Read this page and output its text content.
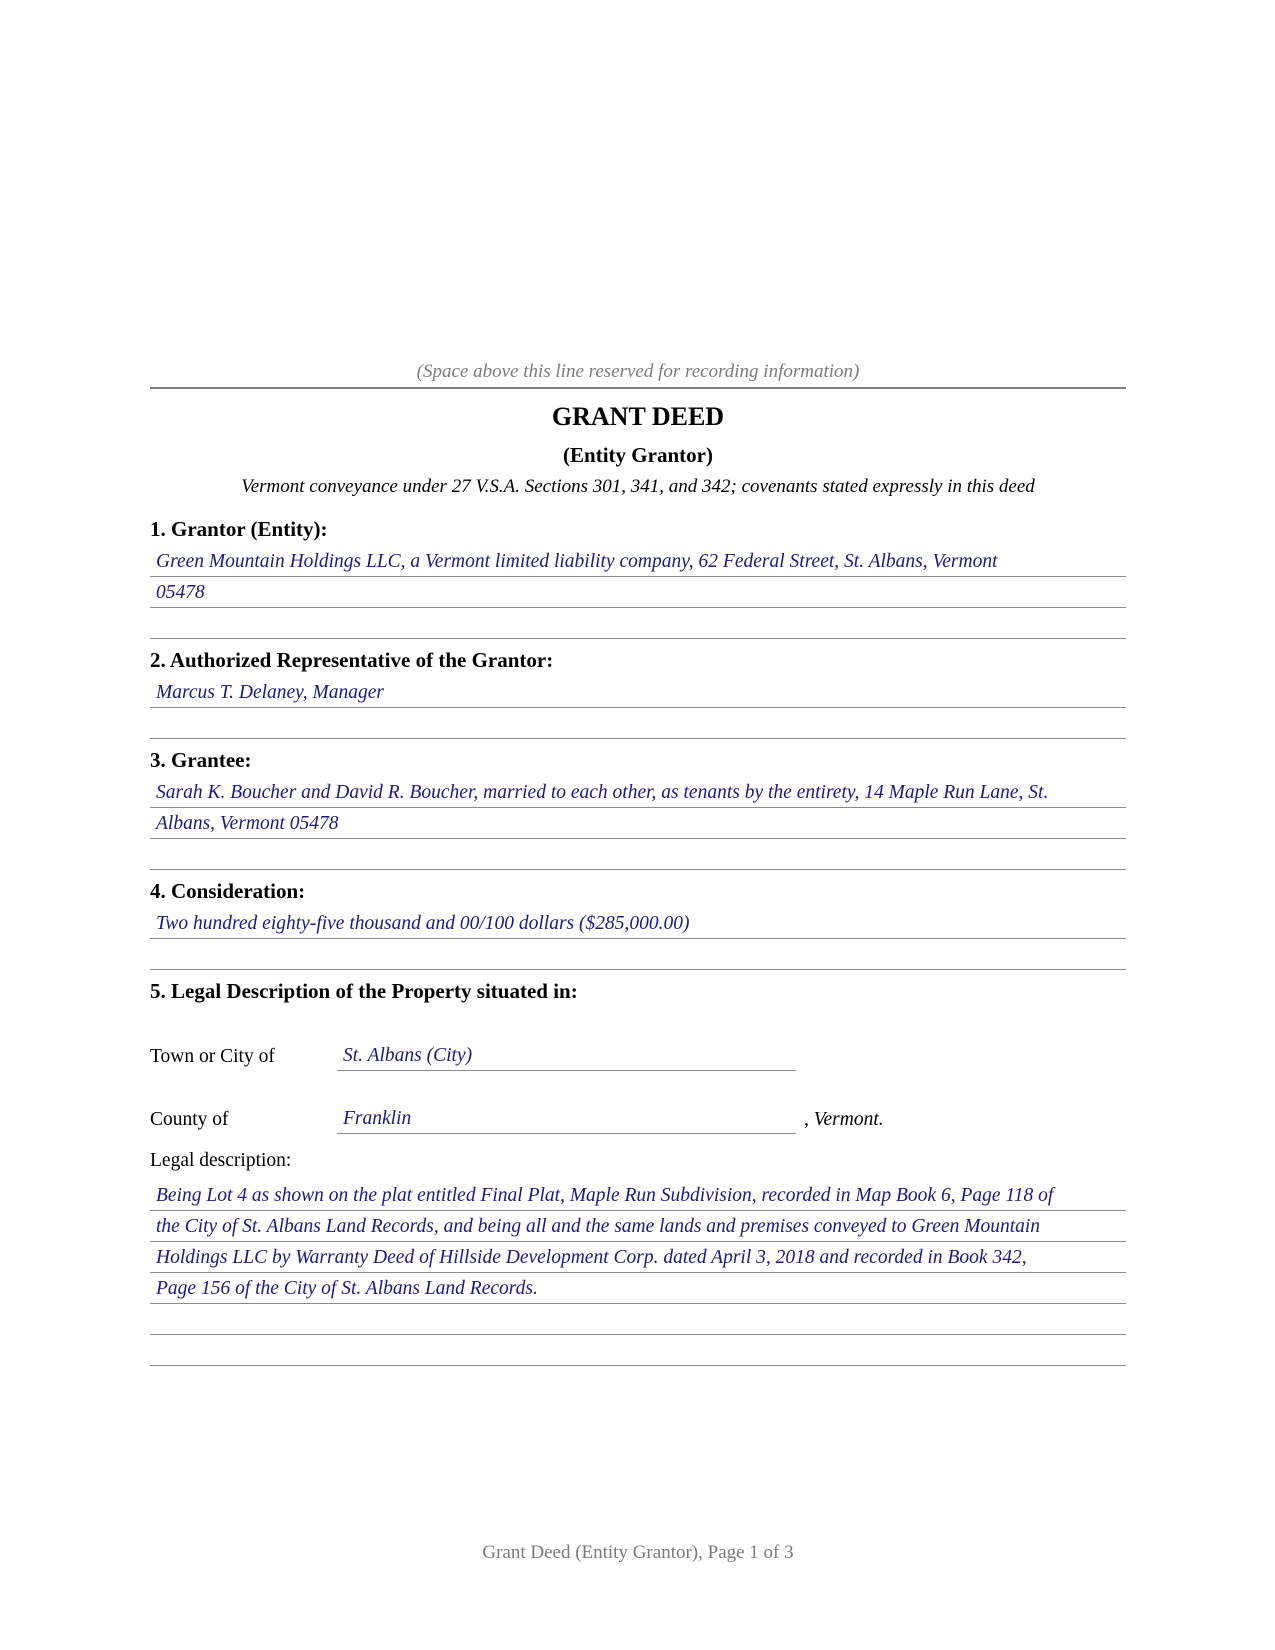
(Space above this line reserved for recording information)
GRANT DEED
(Entity Grantor)
Vermont conveyance under 27 V.S.A. Sections 301, 341, and 342; covenants stated expressly in this deed
1. Grantor (Entity):
Green Mountain Holdings LLC, a Vermont limited liability company, 62 Federal Street, St. Albans, Vermont
05478
2. Authorized Representative of the Grantor:
Marcus T. Delaney, Manager
3. Grantee:
Sarah K. Boucher and David R. Boucher, married to each other, as tenants by the entirety, 14 Maple Run Lane, St.
Albans, Vermont 05478
4. Consideration:
Two hundred eighty-five thousand and 00/100 dollars ($285,000.00)
5. Legal Description of the Property situated in:
Town or City of	St. Albans (City)
County of	Franklin	, Vermont.
Legal description:
Being Lot 4 as shown on the plat entitled Final Plat, Maple Run Subdivision, recorded in Map Book 6, Page 118 of
the City of St. Albans Land Records, and being all and the same lands and premises conveyed to Green Mountain
Holdings LLC by Warranty Deed of Hillside Development Corp. dated April 3, 2018 and recorded in Book 342,
Page 156 of the City of St. Albans Land Records.
Grant Deed (Entity Grantor), Page 1 of 3
